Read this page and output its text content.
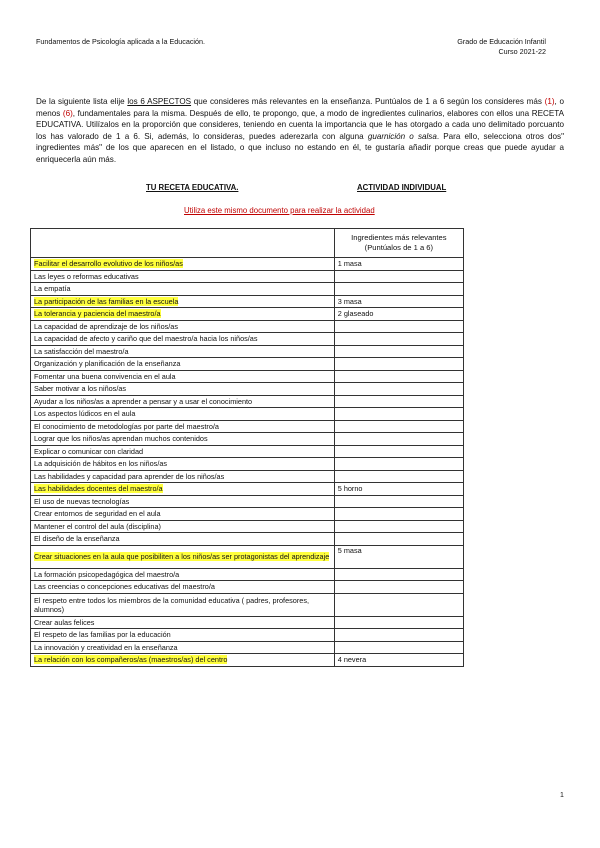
Fundamentos de Psicología aplicada a la Educación.	Grado de Educación Infantil
Curso 2021-22
De la siguiente lista elije los 6 ASPECTOS que consideres más relevantes en la enseñanza. Puntúalos de 1 a 6 según los consideres más (1), o menos (6), fundamentales para la misma. Después de ello, te propongo, que, a modo de ingredientes culinarios, elabores con ellos una RECETA EDUCATIVA. Utilízalos en la proporción que consideres, teniendo en cuenta la importancia que le has otorgado a cada uno delimitado porcuanto los has valorado de 1 a 6. Si, además, lo consideras, puedes aderezarla con alguna guarnición o salsa. Para ello, selecciona otros dos" ingredientes más" de los que aparecen en el listado, o que incluso no estando en él, te gustaría añadir porque creas que puede ayudar a enriquecerla aún más.
TU RECETA EDUCATIVA.	ACTIVIDAD INDIVIDUAL
Utiliza este mismo documento para realizar la actividad
	Ingredientes más relevantes (Puntúalos de 1 a 6)
Facilitar el desarrollo evolutivo de los niños/as	1 masa
Las leyes o reformas educativas	
La empatía	
La participación de las familias en la escuela	3 masa
La tolerancia y paciencia del maestro/a	2 glaseado
La capacidad de aprendizaje de los niños/as	
La capacidad de afecto y cariño que del maestro/a hacia los niños/as	
La satisfacción del maestro/a	
Organización y planificación de la enseñanza	
Fomentar una buena convivencia en el aula	
Saber motivar a los niños/as	
Ayudar a los niños/as a aprender a pensar y a usar el conocimiento	
Los aspectos lúdicos en el aula	
El conocimiento de metodologías por parte del maestro/a	
Lograr que los niños/as aprendan muchos contenidos	
Explicar o comunicar con claridad	
La adquisición de hábitos en los niños/as	
Las habilidades y capacidad para aprender de los niños/as	
Las habilidades docentes del maestro/a	5 horno
El uso de nuevas tecnologías	
Crear entornos de seguridad en el aula	
Mantener el control del aula (disciplina)	
El diseño de la enseñanza	
Crear situaciones en la aula que posibiliten a los niños/as ser protagonistas del aprendizaje	5 masa
La formación psicopedagógica del maestro/a	
Las creencias o concepciones educativas del maestro/a	
El respeto entre todos los miembros de la comunidad educativa ( padres, profesores, alumnos)	
Crear aulas felices	
El respeto de las familias por la educación	
La innovación y creatividad en la enseñanza	
La relación con los compañeros/as (maestros/as) del centro	4 nevera
1
